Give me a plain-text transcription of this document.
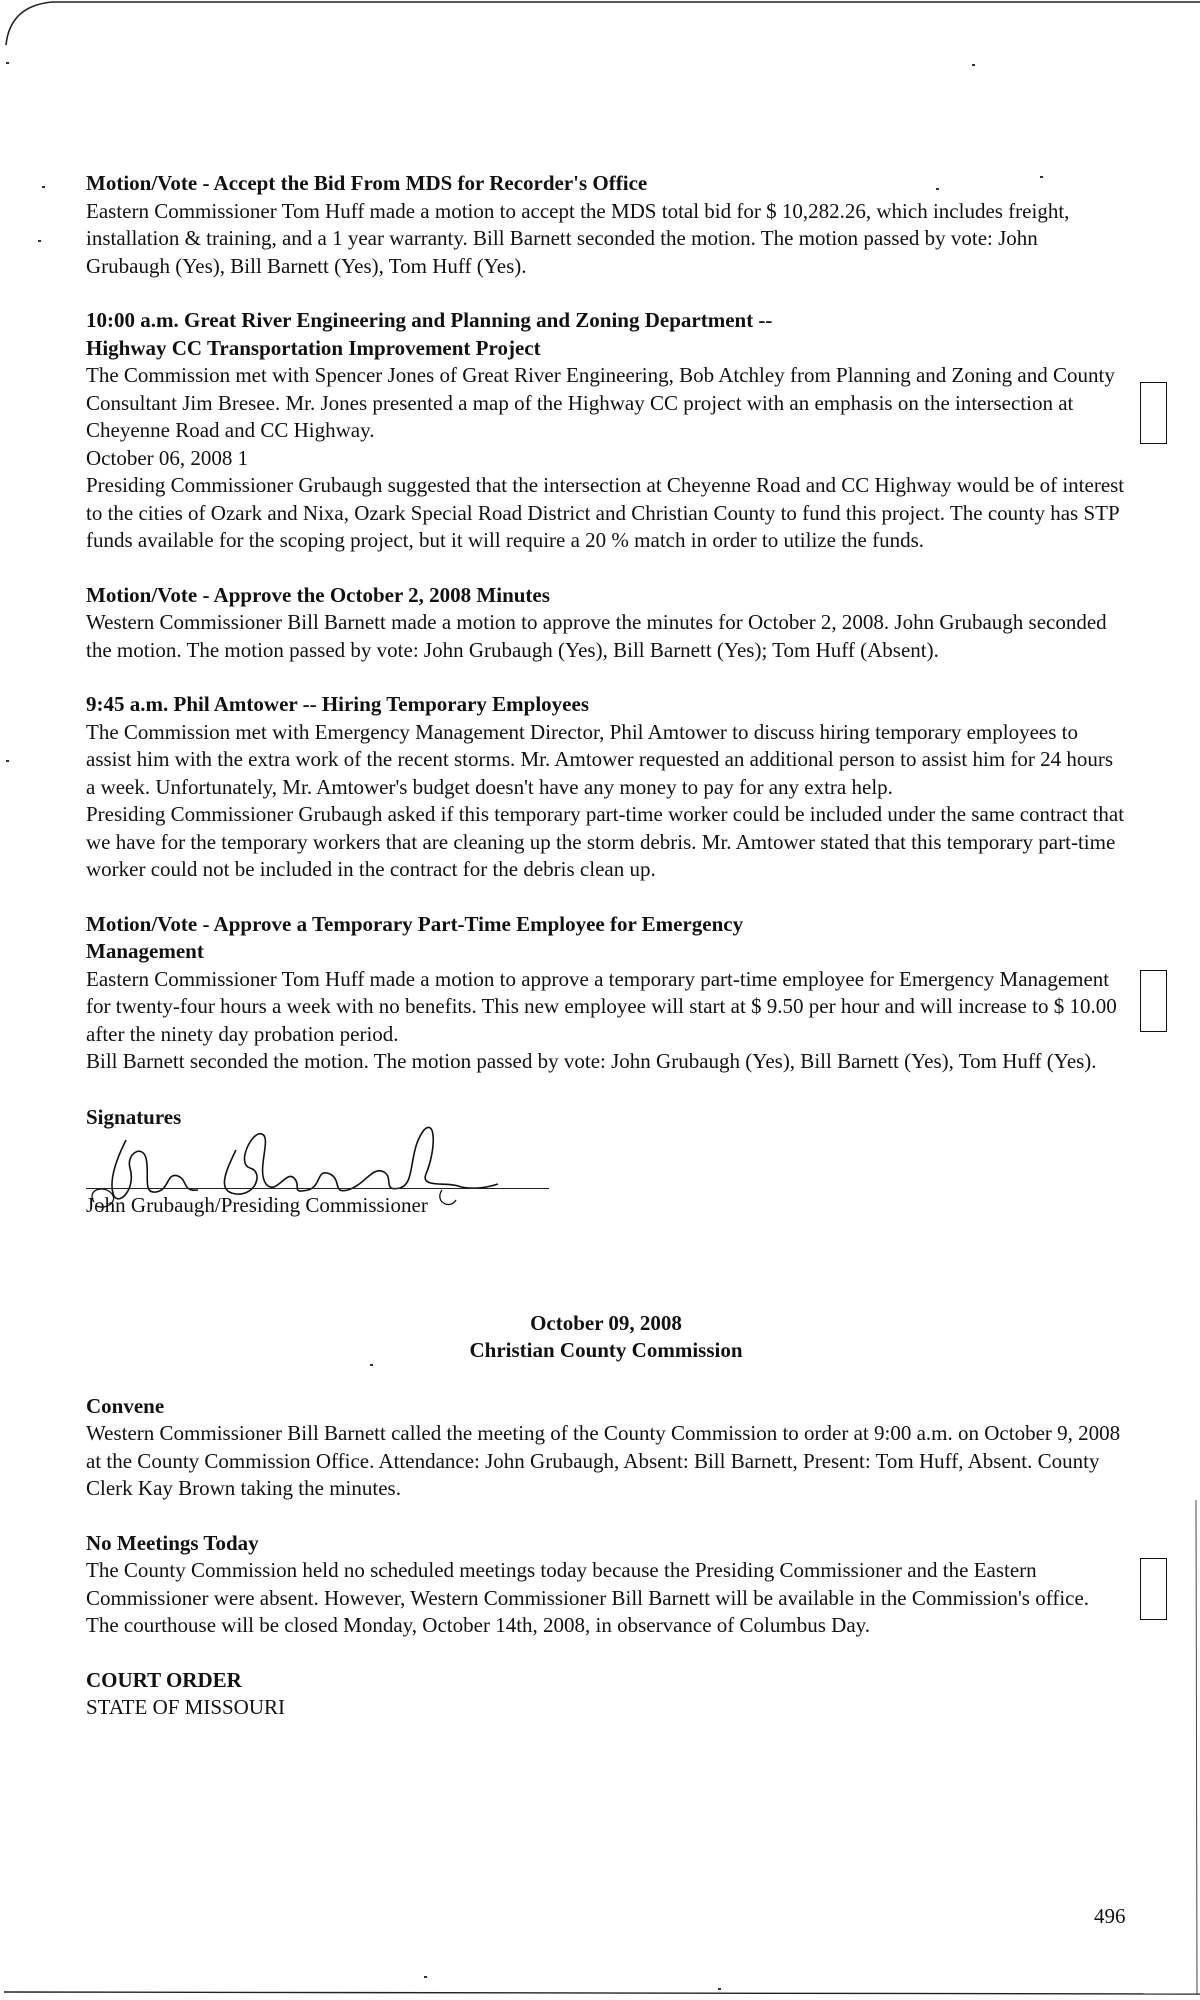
Motion/Vote - Accept the Bid From MDS for Recorder's Office

Eastern Commissioner Tom Huff made a motion to accept the MDS total bid for $ 10,282.26, which includes freight, installation & training, and a 1 year warranty. Bill Barnett seconded the motion. The motion passed by vote: John Grubaugh (Yes), Bill Barnett (Yes), Tom Huff (Yes).

10:00 a.m. Great River Engineering and Planning and Zoning Department --

Highway CC Transportation Improvement Project

The Commission met with Spencer Jones of Great River Engineering, Bob Atchley from Planning and Zoning and County Consultant Jim Bresee. Mr. Jones presented a map of the Highway CC project with an emphasis on the intersection at Cheyenne Road and CC Highway.

October 06, 2008 1

Presiding Commissioner Grubaugh suggested that the intersection at Cheyenne Road and CC Highway would be of interest to the cities of Ozark and Nixa, Ozark Special Road District and Christian County to fund this project. The county has STP funds available for the scoping project, but it will require a 20 % match in order to utilize the funds.

Motion/Vote - Approve the October 2, 2008 Minutes

Western Commissioner Bill Barnett made a motion to approve the minutes for October 2, 2008. John Grubaugh seconded the motion. The motion passed by vote: John Grubaugh (Yes), Bill Barnett (Yes); Tom Huff (Absent).

9:45 a.m. Phil Amtower -- Hiring Temporary Employees

The Commission met with Emergency Management Director, Phil Amtower to discuss hiring temporary employees to assist him with the extra work of the recent storms. Mr. Amtower requested an additional person to assist him for 24 hours a week. Unfortunately, Mr. Amtower's budget doesn't have any money to pay for any extra help.

Presiding Commissioner Grubaugh asked if this temporary part-time worker could be included under the same contract that we have for the temporary workers that are cleaning up the storm debris. Mr. Amtower stated that this temporary part-time worker could not be included in the contract for the debris clean up.

Motion/Vote - Approve a Temporary Part-Time Employee for Emergency

Management

Eastern Commissioner Tom Huff made a motion to approve a temporary part-time employee for Emergency Management for twenty-four hours a week with no benefits. This new employee will start at $ 9.50 per hour and will increase to $ 10.00 after the ninety day probation period.

Bill Barnett seconded the motion. The motion passed by vote: John Grubaugh (Yes), Bill Barnett (Yes), Tom Huff (Yes).

Signatures

John Grubaugh/Presiding Commissioner

October 09, 2008

Christian County Commission

Convene

Western Commissioner Bill Barnett called the meeting of the County Commission to order at 9:00 a.m. on October 9, 2008 at the County Commission Office. Attendance: John Grubaugh, Absent: Bill Barnett, Present: Tom Huff, Absent. County Clerk Kay Brown taking the minutes.

No Meetings Today

The County Commission held no scheduled meetings today because the Presiding Commissioner and the Eastern Commissioner were absent. However, Western Commissioner Bill Barnett will be available in the Commission's office. The courthouse will be closed Monday, October 14th, 2008, in observance of Columbus Day.

COURT ORDER

STATE OF MISSOURI

496
